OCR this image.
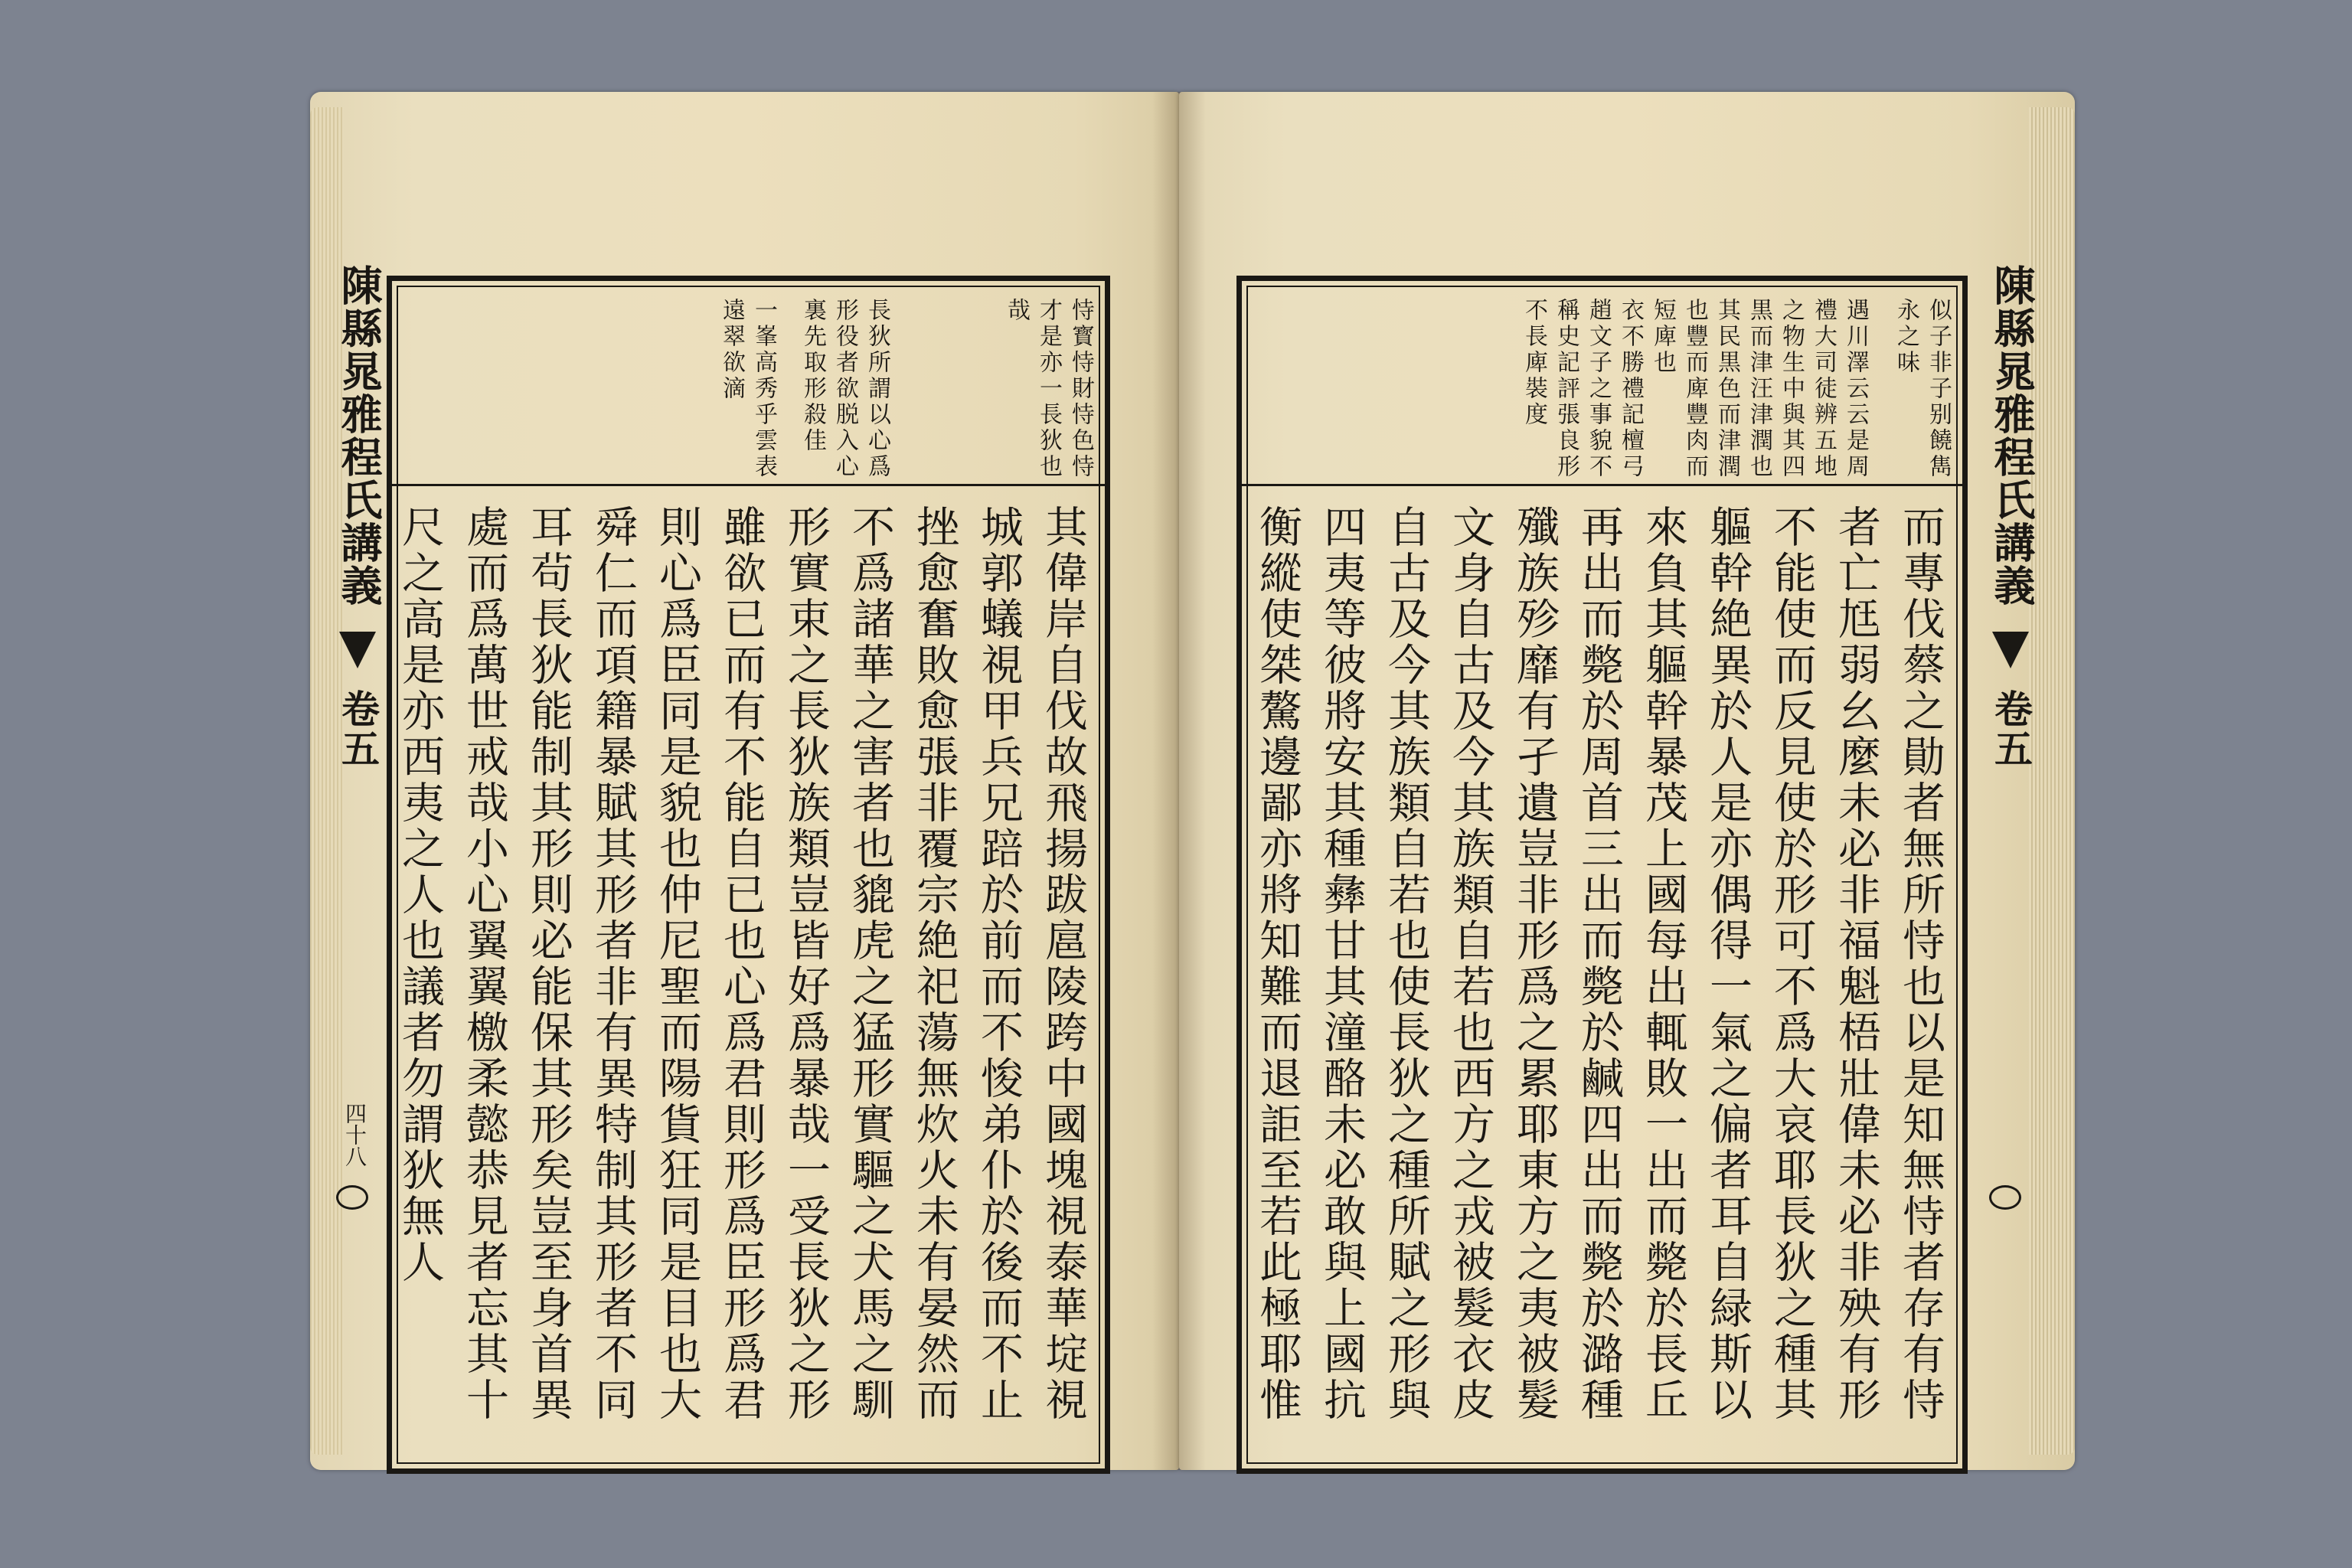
恃寳恃財恃色恃
才是亦一長狄也
哉
長狄所謂以心爲
形役者欲脱入心
裏先取形殺佳
一峯高秀乎雲表
遠翠欲滴
其偉岸自伐故飛揚跋扈陵跨中國塊視泰華埞視
城郭蟻視甲兵兄踣於前而不悛弟仆於後而不止
挫愈奮敗愈張非覆宗絶祀蕩無炊火未有晏然而
不爲諸華之害者也貔虎之猛形實驅之犬馬之馴
形實束之長狄族類豈皆好爲暴哉一受長狄之形
雖欲已而有不能自已也心爲君則形爲臣形爲君
則心爲臣同是貌也仲尼聖而陽貨狂同是目也大
舜仁而項籍暴賦其形者非有異特制其形者不同
耳茍長狄能制其形則必能保其形矣豈至身首異
處而爲萬世戒哉小心翼翼檄柔懿恭見者忘其十
尺之高是亦西夷之人也議者勿謂狄無人
陳縣晁雅程氏講義
卷五
四十八
似子非子别饒雋
永之味
遇川澤云云是周
禮大司徒辨五地
之物生中與其四
黒而津汪津潤也
其民黒色而津潤
也豐而庳豐肉而
短庳也
衣不勝禮記檀弓
趙文子之事貌不
稱史記評張良形
不長庳裝度
而專伐蔡之勛者無所恃也以是知無恃者存有恃
者亡尪弱幺麼未必非福魁梧壯偉未必非殃有形
不能使而反見使於形可不爲大哀耶長狄之種其
軀幹絶異於人是亦偶得一氣之偏者耳自緑斯以
來負其軀幹暴茂上國每出輒敗一出而斃於長丘
再出而斃於周首三出而斃於鹹四出而斃於潞種
殲族殄靡有孑遺豈非形爲之累耶東方之夷被髮
文身自古及今其族類自若也西方之戎被髮衣皮
自古及今其族類自若也使長狄之種所賦之形與
四夷等彼將安其種彝甘其潼酪未必敢與上國抗
衡縱使桀驁邊鄙亦將知難而退詎至若此極耶惟
陳縣晁雅程氏講義
卷五
